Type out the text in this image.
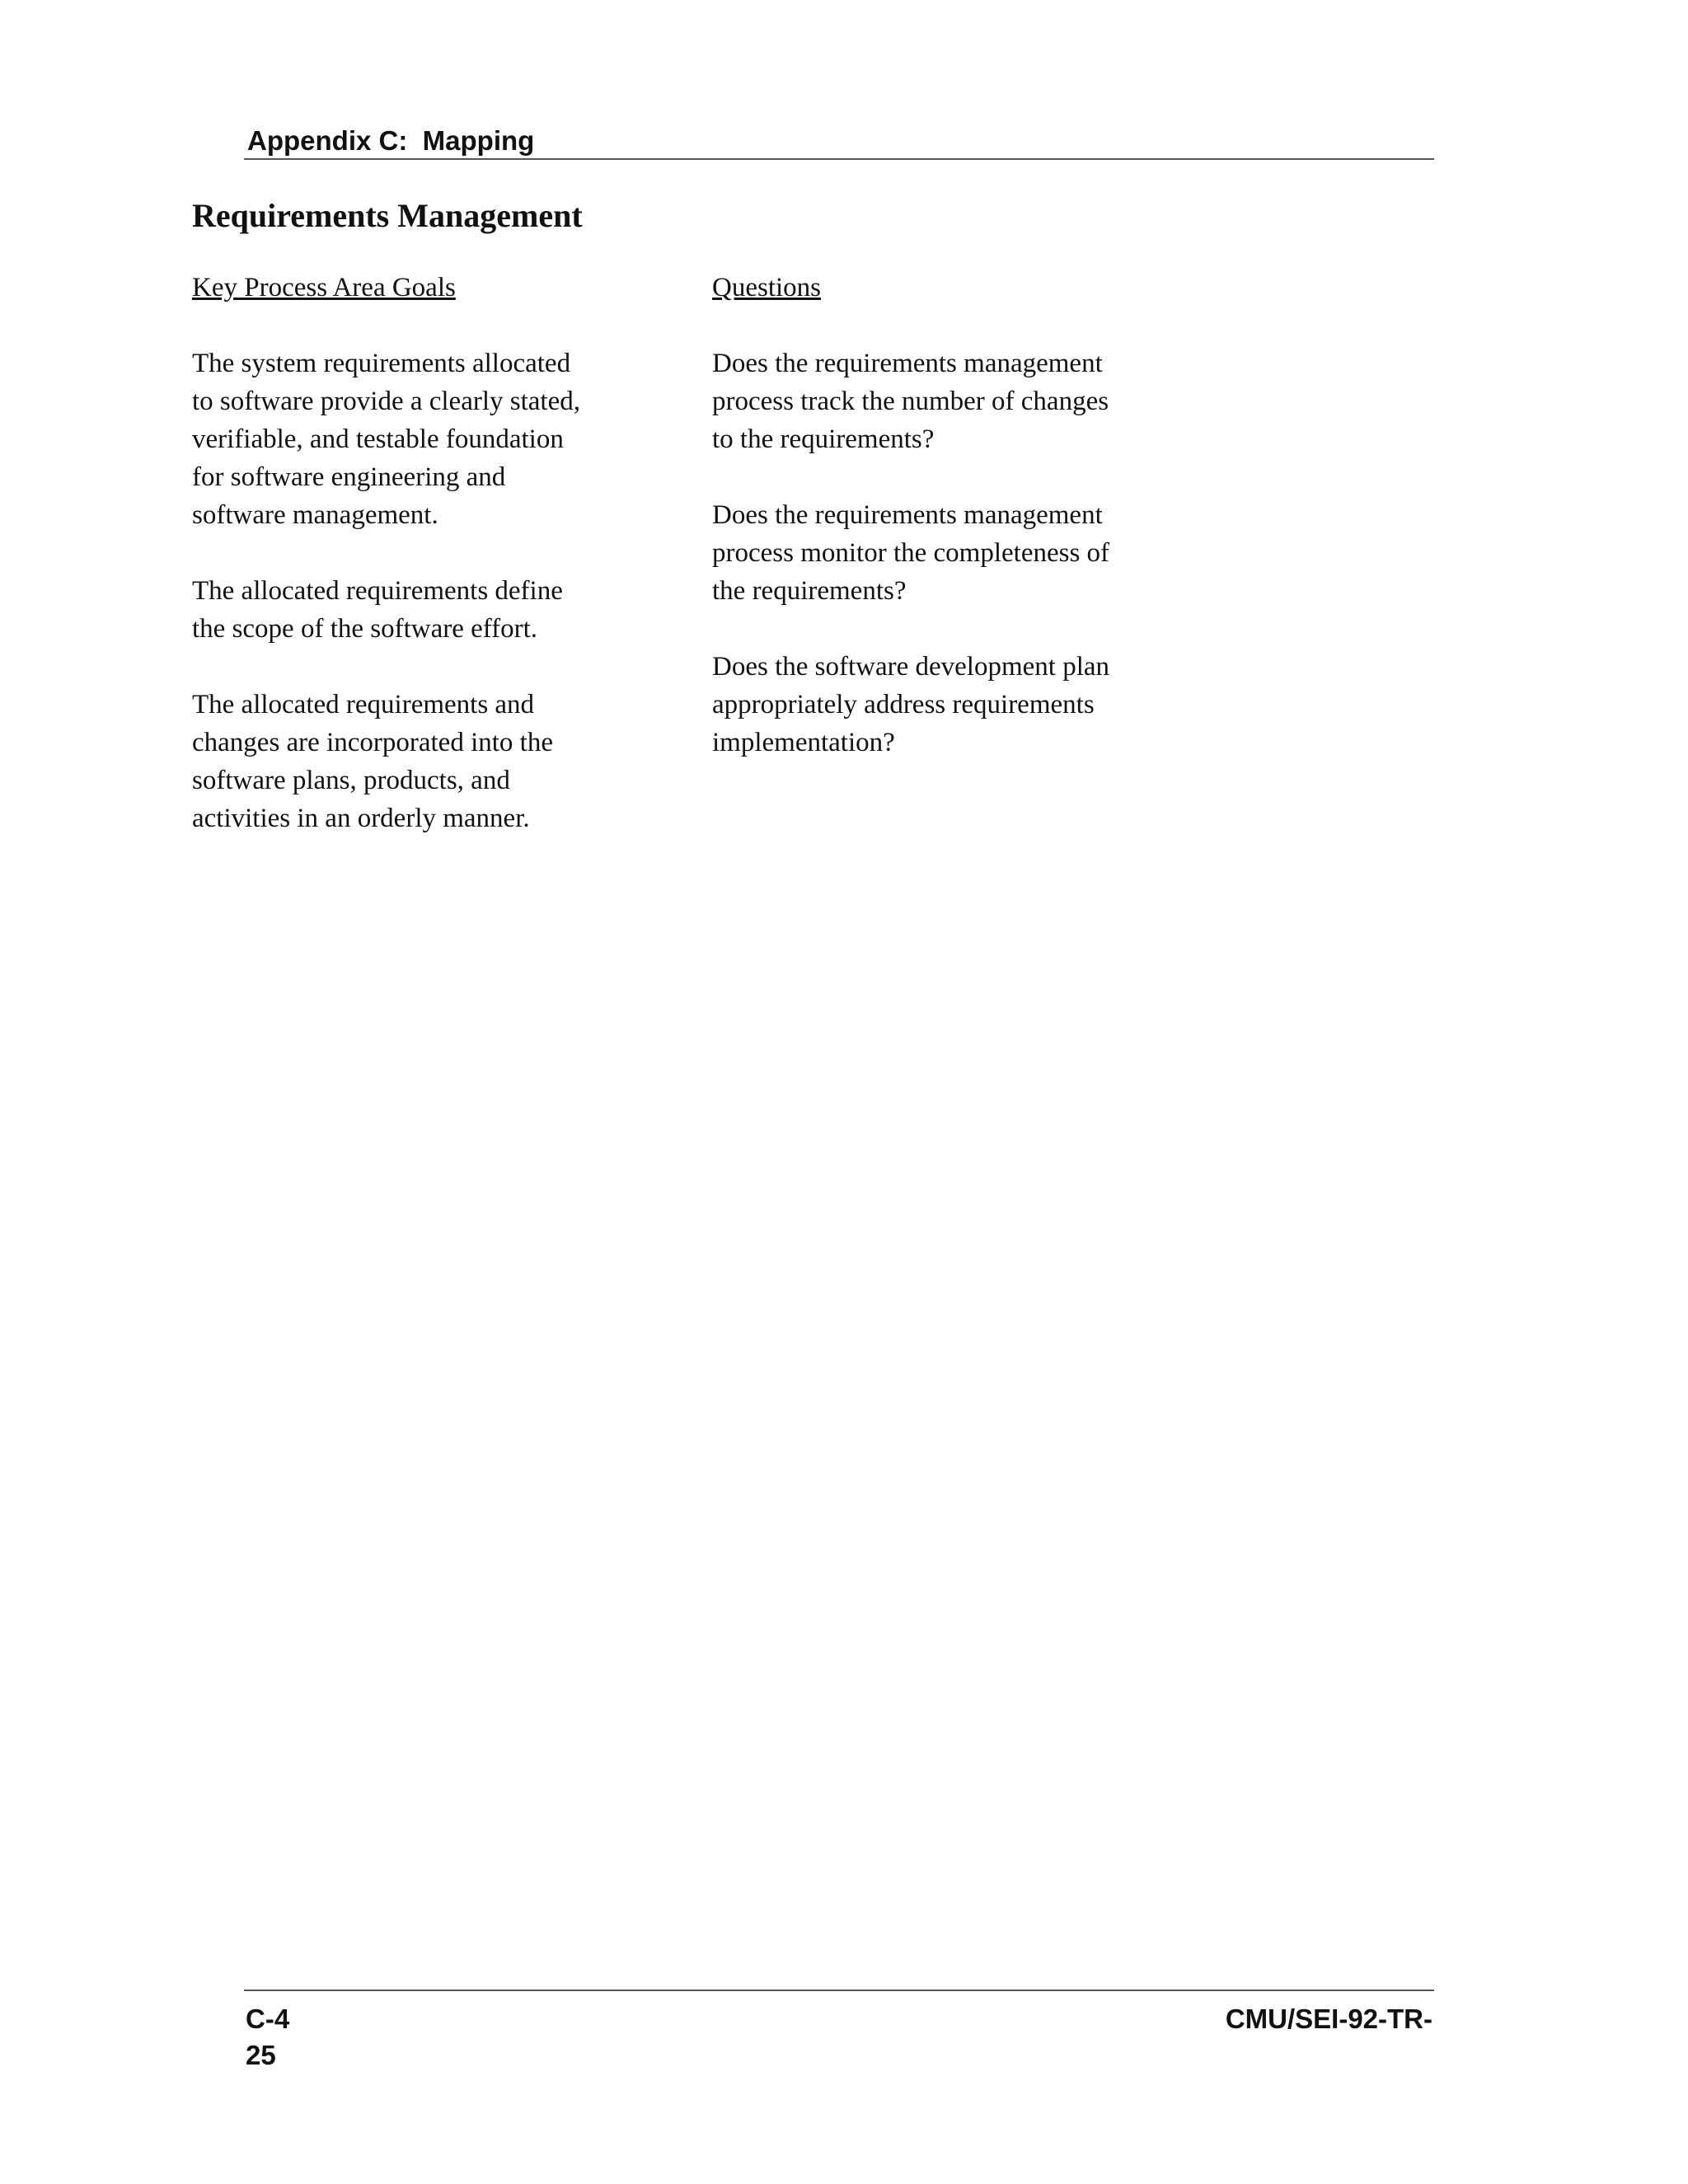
Appendix C:  Mapping
Requirements Management
Key Process Area Goals

The system requirements allocated
to software provide a clearly stated,
verifiable, and testable foundation
for software engineering and
software management.

The allocated requirements define
the scope of the software effort.

The allocated requirements and
changes are incorporated into the
software plans, products, and
activities in an orderly manner.

Questions

Does the requirements management
process track the number of changes
to the requirements?

Does the requirements management
process monitor the completeness of
the requirements?

Does the software development plan
appropriately address requirements
implementation?

C-4
25
CMU/SEI-92-TR-
